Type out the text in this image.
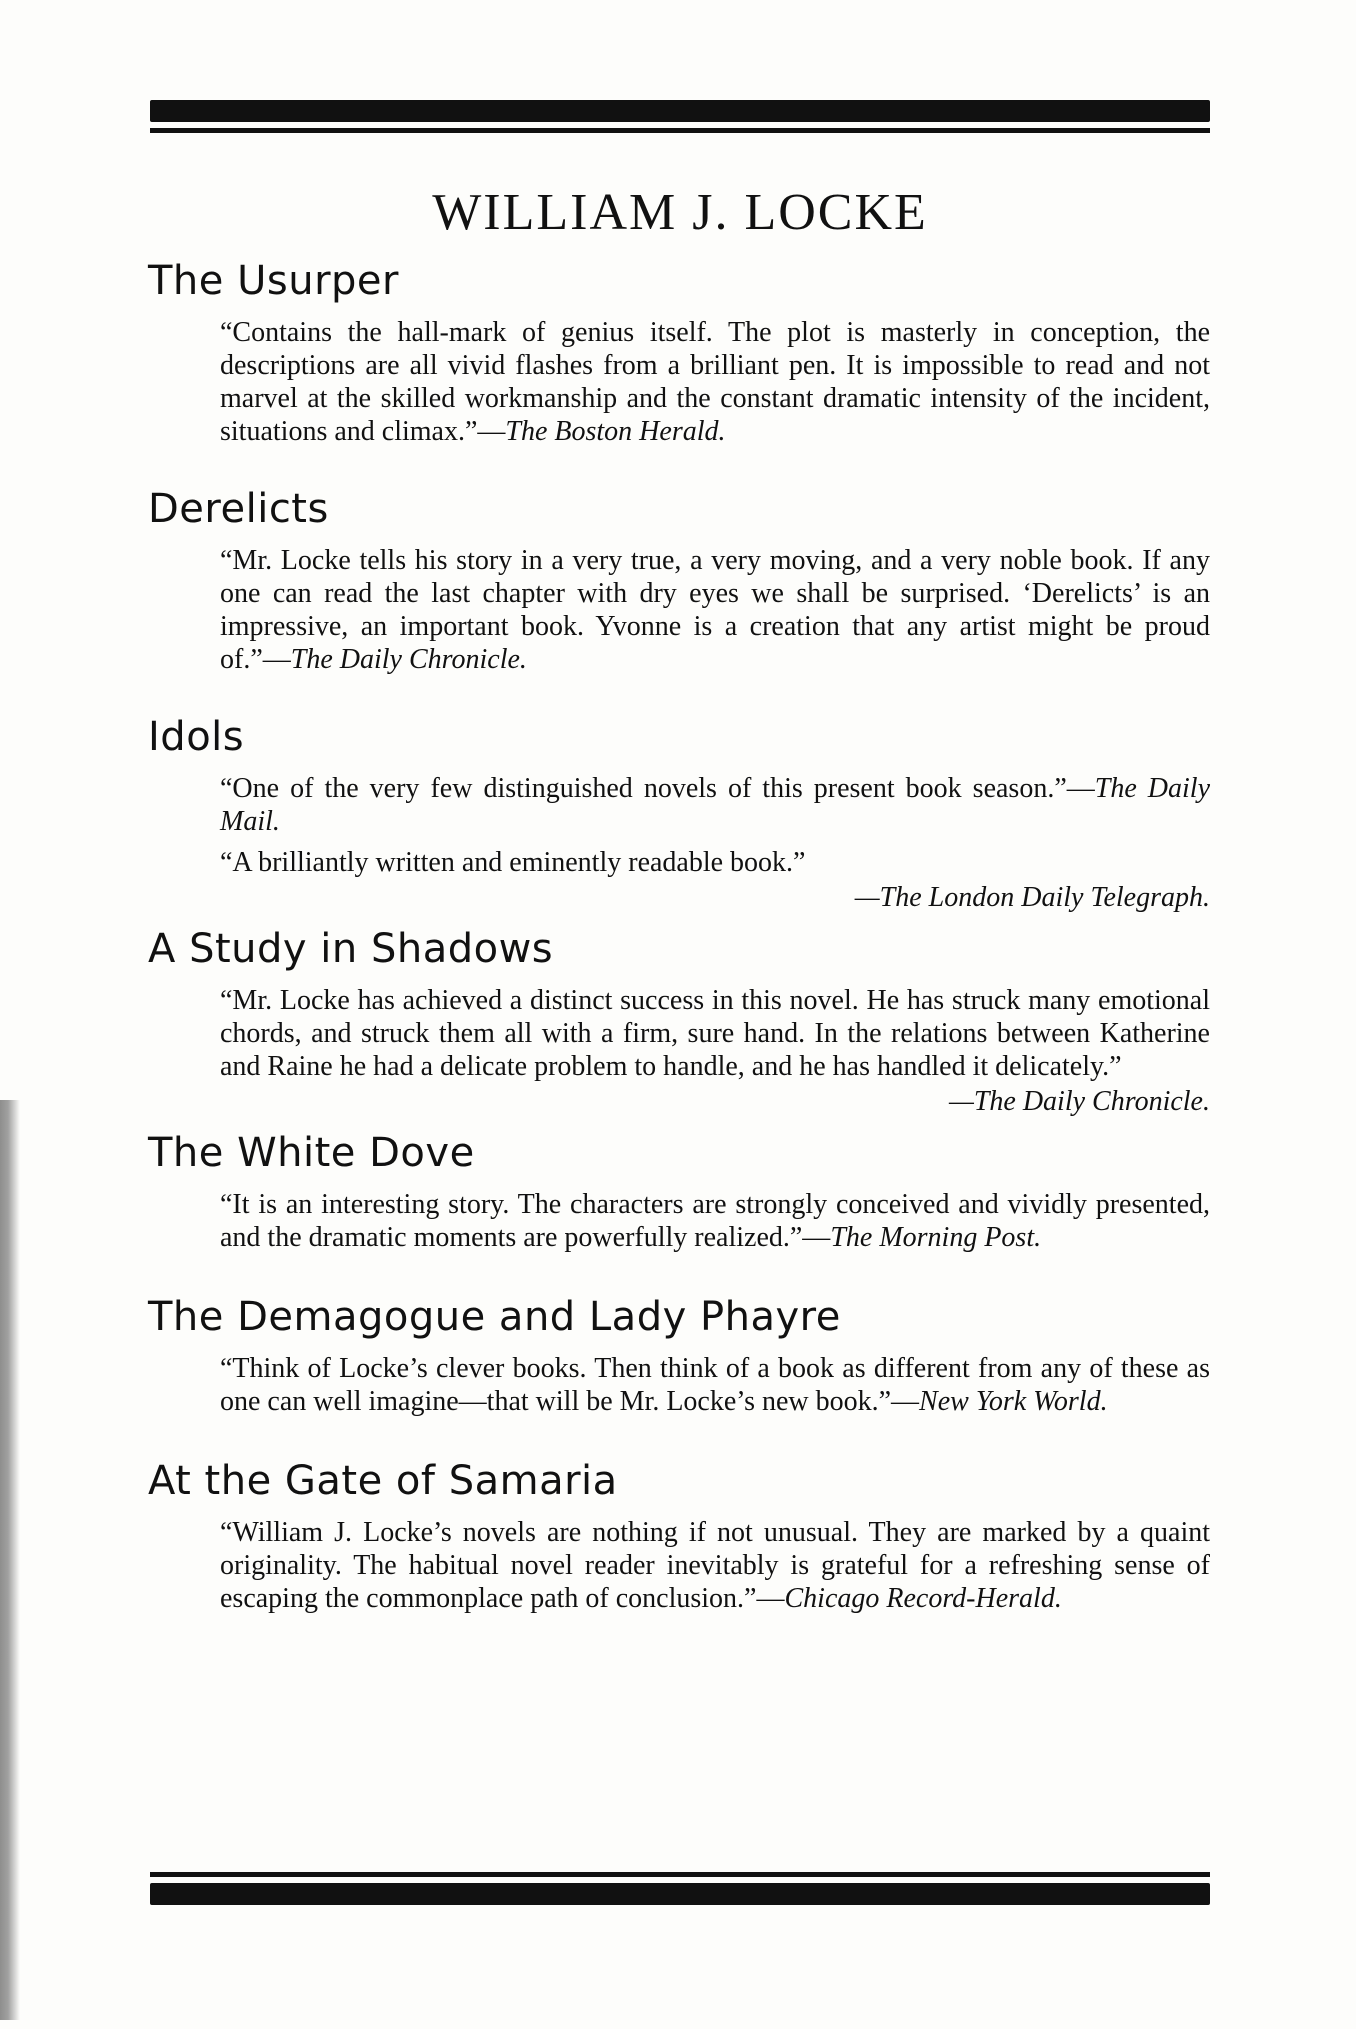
WILLIAM J. LOCKE
The Usurper

“Contains the hall-mark of genius itself. The plot is masterly in conception, the descriptions are all vivid flashes from a brilliant pen. It is impossible to read and not marvel at the skilled workmanship and the constant dramatic intensity of the incident, situations and climax.”—The Boston Herald.

Derelicts

“Mr. Locke tells his story in a very true, a very moving, and a very noble book. If any one can read the last chapter with dry eyes we shall be surprised. ‘Derelicts’ is an impressive, an important book. Yvonne is a creation that any artist might be proud of.”—The Daily Chronicle.

Idols

“One of the very few distinguished novels of this present book season.”—The Daily Mail.

“A brilliantly written and eminently readable book.”
—The London Daily Telegraph.

A Study in Shadows

“Mr. Locke has achieved a distinct success in this novel. He has struck many emotional chords, and struck them all with a firm, sure hand. In the relations between Katherine and Raine he had a delicate problem to handle, and he has handled it delicately.”
—The Daily Chronicle.

The White Dove

“It is an interesting story. The characters are strongly conceived and vividly presented, and the dramatic moments are powerfully realized.”—The Morning Post.

The Demagogue and Lady Phayre

“Think of Locke’s clever books. Then think of a book as different from any of these as one can well imagine—that will be Mr. Locke’s new book.”—New York World.

At the Gate of Samaria

“William J. Locke’s novels are nothing if not unusual. They are marked by a quaint originality. The habitual novel reader inevitably is grateful for a refreshing sense of escaping the commonplace path of conclusion.”—Chicago Record-Herald.
